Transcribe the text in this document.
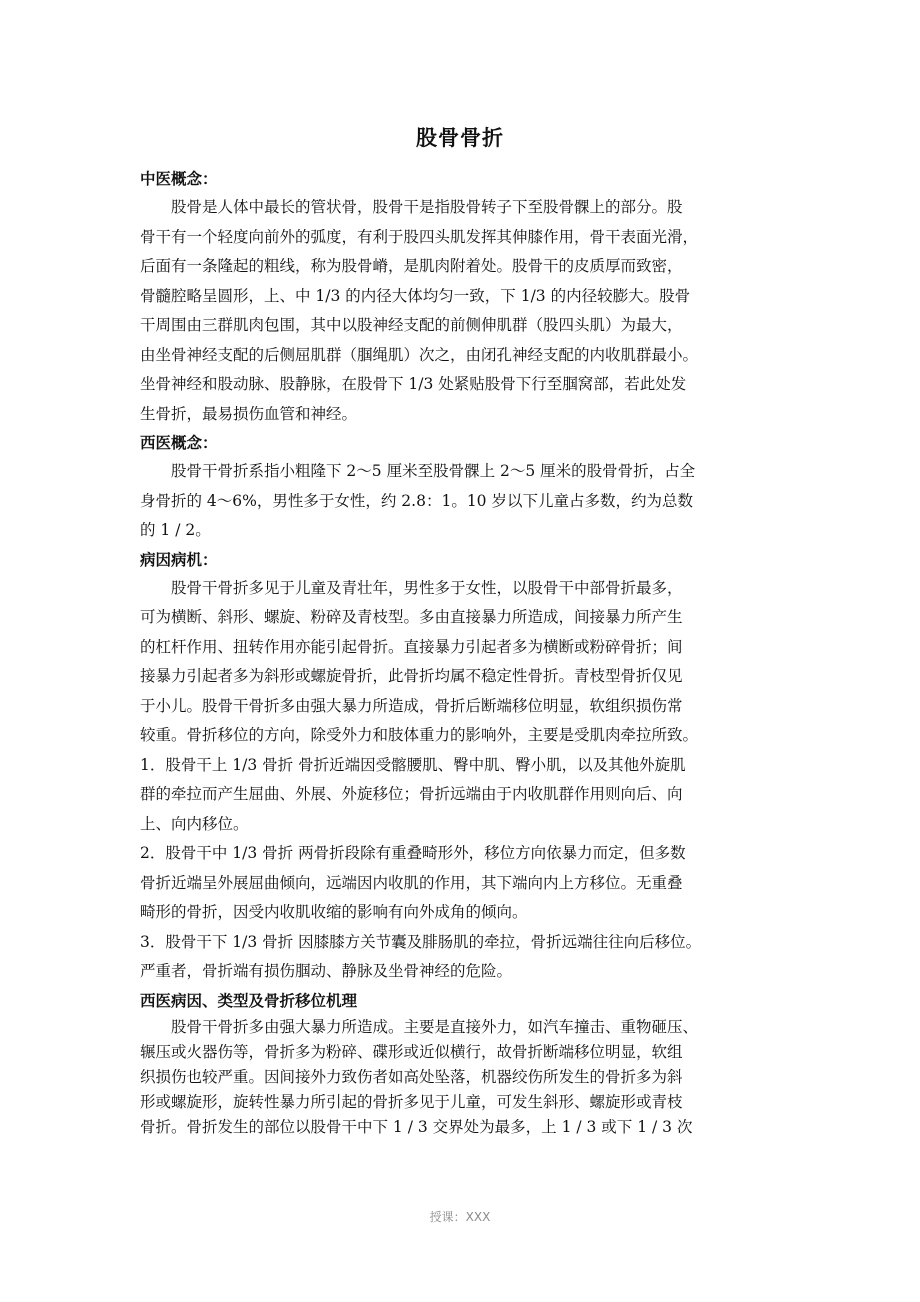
股骨骨折
中医概念：
　　股骨是人体中最长的管状骨，股骨干是指股骨转子下至股骨髁上的部分。股
骨干有一个轻度向前外的弧度，有利于股四头肌发挥其伸膝作用，骨干表面光滑，
后面有一条隆起的粗线，称为股骨嵴，是肌肉附着处。股骨干的皮质厚而致密，
骨髓腔略呈圆形，上、中 1/3 的内径大体均匀一致，下 1/3 的内径较膨大。股骨
干周围由三群肌肉包围，其中以股神经支配的前侧伸肌群（股四头肌）为最大，
由坐骨神经支配的后侧屈肌群（腘绳肌）次之，由闭孔神经支配的内收肌群最小。
坐骨神经和股动脉、股静脉，在股骨下 1/3 处紧贴股骨下行至腘窝部，若此处发
生骨折，最易损伤血管和神经。
西医概念：
　　股骨干骨折系指小粗隆下 2～5 厘米至股骨髁上 2～5 厘米的股骨骨折，占全
身骨折的 4～6%，男性多于女性，约 2.8：1。10 岁以下儿童占多数，约为总数
的 1 / 2。
病因病机：
　　股骨干骨折多见于儿童及青壮年，男性多于女性，以股骨干中部骨折最多，
可为横断、斜形、螺旋、粉碎及青枝型。多由直接暴力所造成，间接暴力所产生
的杠杆作用、扭转作用亦能引起骨折。直接暴力引起者多为横断或粉碎骨折；间
接暴力引起者多为斜形或螺旋骨折，此骨折均属不稳定性骨折。青枝型骨折仅见
于小儿。股骨干骨折多由强大暴力所造成，骨折后断端移位明显，软组织损伤常
较重。骨折移位的方向，除受外力和肢体重力的影响外，主要是受肌肉牵拉所致。
1．股骨干上 1/3 骨折 骨折近端因受髂腰肌、臀中肌、臀小肌，以及其他外旋肌
群的牵拉而产生屈曲、外展、外旋移位；骨折远端由于内收肌群作用则向后、向
上、向内移位。
2．股骨干中 1/3 骨折 两骨折段除有重叠畸形外，移位方向依暴力而定，但多数
骨折近端呈外展屈曲倾向，远端因内收肌的作用，其下端向内上方移位。无重叠
畸形的骨折，因受内收肌收缩的影响有向外成角的倾向。
3．股骨干下 1/3 骨折 因膝膝方关节囊及腓肠肌的牵拉，骨折远端往往向后移位。
严重者，骨折端有损伤腘动、静脉及坐骨神经的危险。
西医病因、类型及骨折移位机理
　　股骨干骨折多由强大暴力所造成。主要是直接外力，如汽车撞击、重物砸压、
辗压或火器伤等，骨折多为粉碎、碟形或近似横行，故骨折断端移位明显，软组
织损伤也较严重。因间接外力致伤者如高处坠落，机器绞伤所发生的骨折多为斜
形或螺旋形，旋转性暴力所引起的骨折多见于儿童，可发生斜形、螺旋形或青枝
骨折。骨折发生的部位以股骨干中下 1 / 3 交界处为最多，上 1 / 3 或下 1 / 3 次
授课：XXX
